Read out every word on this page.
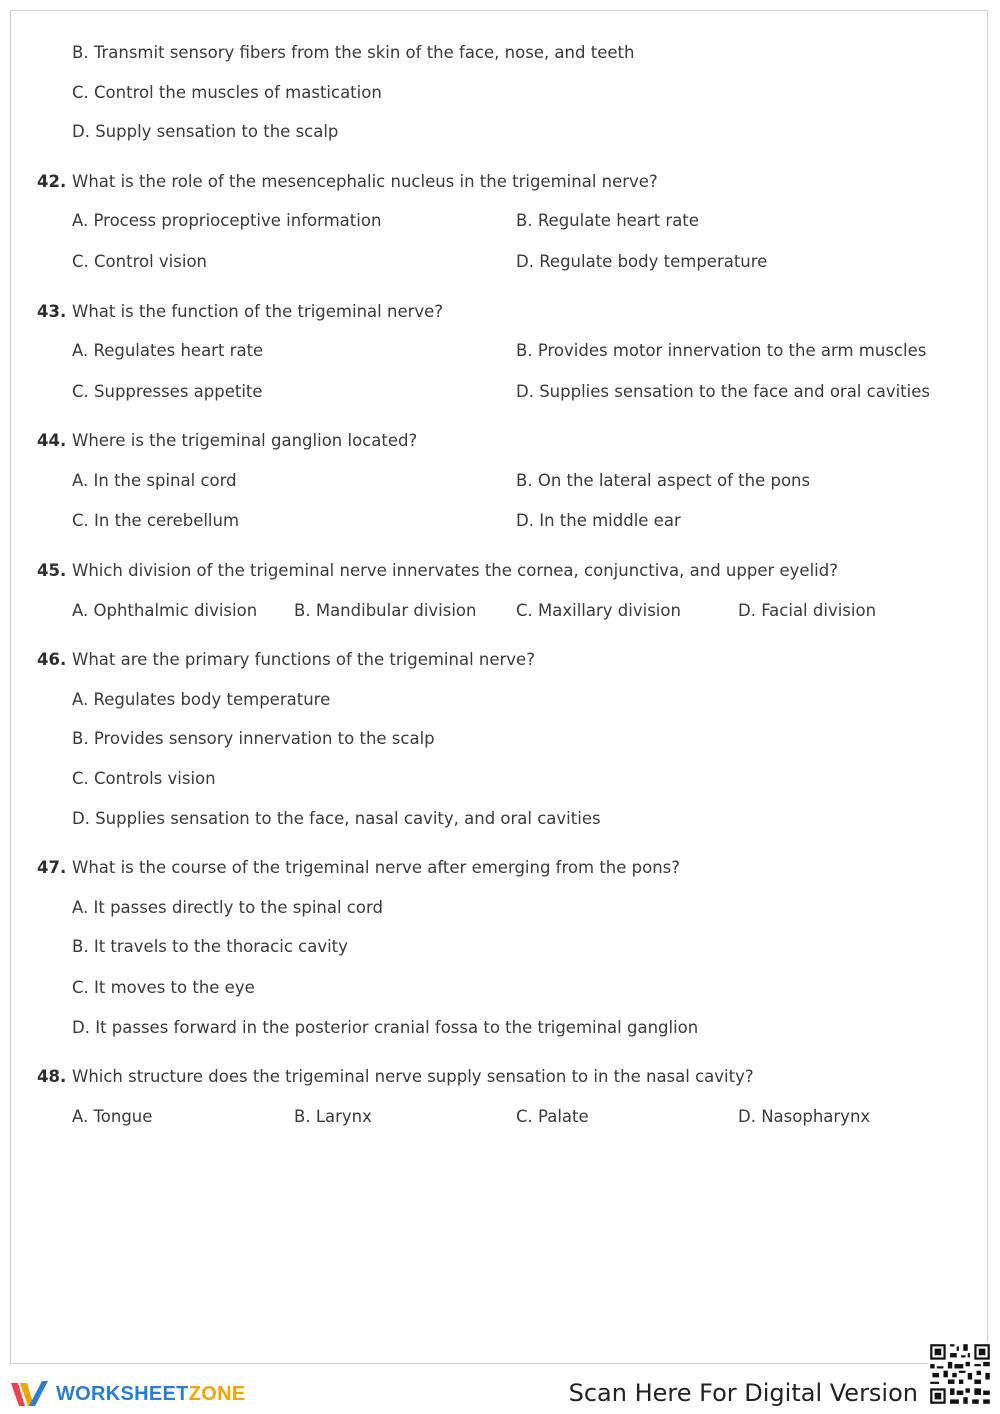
B. Transmit sensory fibers from the skin of the face, nose, and teeth
C. Control the muscles of mastication
D. Supply sensation to the scalp
42. What is the role of the mesencephalic nucleus in the trigeminal nerve?
A. Process proprioceptive information	B. Regulate heart rate
C. Control vision	D. Regulate body temperature
43. What is the function of the trigeminal nerve?
A. Regulates heart rate	B. Provides motor innervation to the arm muscles
C. Suppresses appetite	D. Supplies sensation to the face and oral cavities
44. Where is the trigeminal ganglion located?
A. In the spinal cord	B. On the lateral aspect of the pons
C. In the cerebellum	D. In the middle ear
45. Which division of the trigeminal nerve innervates the cornea, conjunctiva, and upper eyelid?
A. Ophthalmic division B. Mandibular division C. Maxillary division	D. Facial division
46. What are the primary functions of the trigeminal nerve?
A. Regulates body temperature
B. Provides sensory innervation to the scalp
C. Controls vision
D. Supplies sensation to the face, nasal cavity, and oral cavities
47. What is the course of the trigeminal nerve after emerging from the pons?
A. It passes directly to the spinal cord
B. It travels to the thoracic cavity
C. It moves to the eye
D. It passes forward in the posterior cranial fossa to the trigeminal ganglion
48. Which structure does the trigeminal nerve supply sensation to in the nasal cavity?
A. Tongue	B. Larynx	C. Palate	D. Nasopharynx
WORKSHEETZONE	Scan Here For Digital Version
